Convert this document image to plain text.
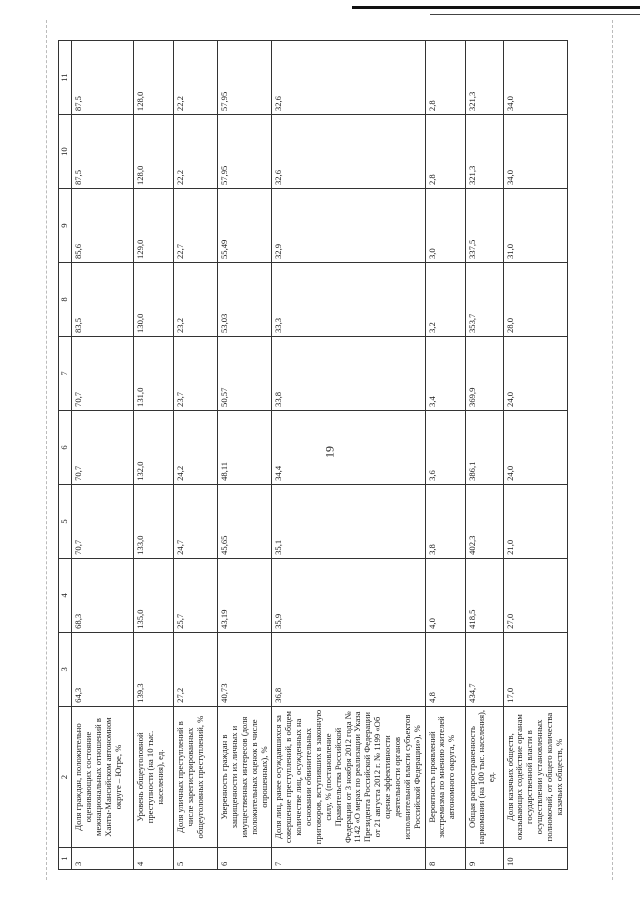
19
1	2	3	4	5	6	7	8	9	10	11
3	Доля граждан, положительно оценивающих состояние межнациональных отношений в Ханты-Мансийском автономном округе – Югре, %	64,3	68,3	70,7	70,7	70,7	83,5	85,6	87,5	87,5
4	Уровень общеуголовной преступности (на 10 тыс. населения), ед.	139,3	135,0	133,0	132,0	131,0	130,0	129,0	128,0	128,0
5	Доля уличных преступлений в числе зарегистрированных общеуголовных преступлений, %	27,2	25,7	24,7	24,2	23,7	23,2	22,7	22,2	22,2
6	Уверенность граждан в защищенности их личных и имущественных интересов (доля положительных оценок в числе опрошенных), %	40,73	43,19	45,65	48,11	50,57	53,03	55,49	57,95	57,95
7	Доля лиц, ранее осуждавшихся за совершение преступлений, в общем количестве лиц, осужденных на основании обвинительных приговоров, вступивших в законную силу, % (постановление Правительства Российской Федерации от 3 ноября 2012 года № 1142 «О мерах по реализации Указа Президента Российской Федерации от 21 августа 2012 г. № 1199 «Об оценке эффективности деятельности органов исполнительной власти субъектов Российской Федерации»), %	36,8	35,9	35,1	34,4	33,8	33,3	32,9	32,6	32,6
8	Вероятность проявлений экстремизма по мнению жителей автономного округа, %	4,8	4,0	3,8	3,6	3,4	3,2	3,0	2,8	2,8
9	Общая распространенность наркомании (на 100 тыс. населения), ед.	434,7	418,5	402,3	386,1	369,9	353,7	337,5	321,3	321,3
10	Доля казачьих обществ, оказывающих содействие органам государственной власти в осуществлении установленных полномочий, от общего количества казачьих обществ, %	17,0	27,0	21,0	24,0	24,0	28,0	31,0	34,0	34,0
